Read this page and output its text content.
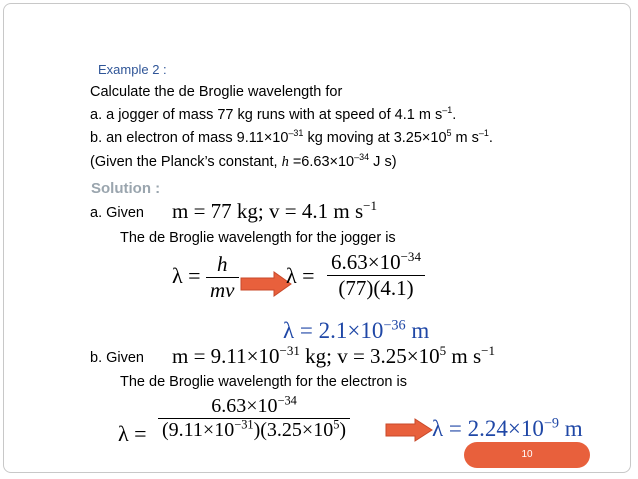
Example 2 :
Calculate the de Broglie wavelength for
a. a jogger of mass 77 kg runs with at speed of 4.1 m $s^{-1}$.
b. an electron of mass $9.11\times 10^{-31}$ kg moving at $3.25\times 10^5$ m $s^{-1}$.
(Given the Planck’s constant, $h =6.63\times 10^{-34}$ J s)
Solution :
a. Given m = 77 kg; v = 4.1 m $s^{-1}$
The de Broglie wavelength for the jogger is
$\lambda = \frac{h}{mv}$ $\lambda = \frac{6.63\times 10^{-34}}{(77)(4.1)}$
$\lambda = 2.1\times 10^{-36}$ m
b. Given $m = 9.11\times 10^{-31}$ kg; $v = 3.25\times 10^5$ m $s^{-1}$
The de Broglie wavelength for the electron is
$\lambda = \frac{6.63\times 10^{-34}}{(9.11\times 10^{-31})(3.25\times 10^5)}$	$\lambda = 2.24\times 10^{-9}$ m
10
